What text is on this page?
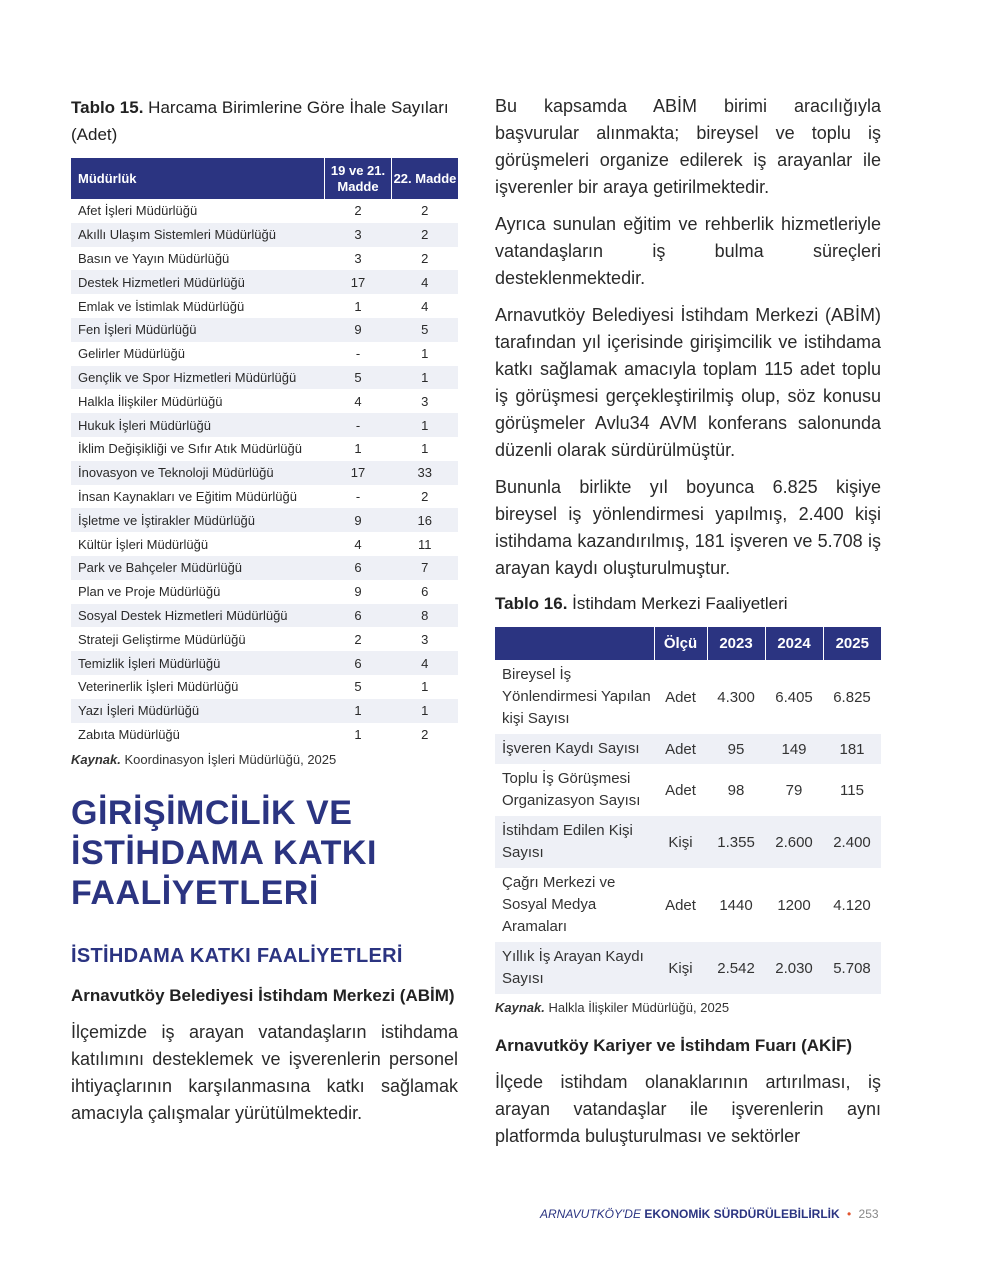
Tablo 15. Harcama Birimlerine Göre İhale Sayıları (Adet)

Müdürlük	19 ve 21. Madde	22. Madde
Afet İşleri Müdürlüğü	2	2
Akıllı Ulaşım Sistemleri Müdürlüğü	3	2
Basın ve Yayın Müdürlüğü	3	2
Destek Hizmetleri Müdürlüğü	17	4
Emlak ve İstimlak Müdürlüğü	1	4
Fen İşleri Müdürlüğü	9	5
Gelirler Müdürlüğü	-	1
Gençlik ve Spor Hizmetleri Müdürlüğü	5	1
Halkla İlişkiler Müdürlüğü	4	3
Hukuk İşleri Müdürlüğü	-	1
İklim Değişikliği ve Sıfır Atık Müdürlüğü	1	1
İnovasyon ve Teknoloji Müdürlüğü	17	33
İnsan Kaynakları ve Eğitim Müdürlüğü	-	2
İşletme ve İştirakler Müdürlüğü	9	16
Kültür İşleri Müdürlüğü	4	11
Park ve Bahçeler Müdürlüğü	6	7
Plan ve Proje Müdürlüğü	9	6
Sosyal Destek Hizmetleri Müdürlüğü	6	8
Strateji Geliştirme Müdürlüğü	2	3
Temizlik İşleri Müdürlüğü	6	4
Veterinerlik İşleri Müdürlüğü	5	1
Yazı İşleri Müdürlüğü	1	1
Zabıta Müdürlüğü	1	2
Kaynak. Koordinasyon İşleri Müdürlüğü, 2025
GİRİŞİMCİLİK VE
İSTİHDAMA KATKI
FAALİYETLERİ
İSTİHDAMA KATKI FAALİYETLERİ
Arnavutköy Belediyesi İstihdam Merkezi (ABİM)

İlçemizde iş arayan vatandaşların istihdama katılımını desteklemek ve işverenlerin personel ihtiyaçlarının karşılanmasına katkı sağlamak amacıyla çalışmalar yürütülmektedir.

Bu kapsamda ABİM birimi aracılığıyla başvurular alınmakta; bireysel ve toplu iş görüşmeleri organize edilerek iş arayanlar ile işverenler bir araya getirilmektedir.

Ayrıca sunulan eğitim ve rehberlik hizmetleriyle vatandaşların iş bulma süreçleri desteklenmektedir.

Arnavutköy Belediyesi İstihdam Merkezi (ABİM) tarafından yıl içerisinde girişimcilik ve istihdama katkı sağlamak amacıyla toplam 115 adet toplu iş görüşmesi gerçekleştirilmiş olup, söz konusu görüşmeler Avlu34 AVM konferans salonunda düzenli olarak sürdürülmüştür.

Bununla birlikte yıl boyunca 6.825 kişiye bireysel iş yönlendirmesi yapılmış, 2.400 kişi istihdama kazandırılmış, 181 işveren ve 5.708 iş arayan kaydı oluşturulmuştur.

Tablo 16. İstihdam Merkezi Faaliyetleri

	Ölçü	2023	2024	2025
Bireysel İş Yönlendirmesi Yapılan kişi Sayısı	Adet	4.300	6.405	6.825
İşveren Kaydı Sayısı	Adet	95	149	181
Toplu İş Görüşmesi Organizasyon Sayısı	Adet	98	79	115
İstihdam Edilen Kişi Sayısı	Kişi	1.355	2.600	2.400
Çağrı Merkezi ve Sosyal Medya Aramaları	Adet	1440	1200	4.120
Yıllık İş Arayan Kaydı Sayısı	Kişi	2.542	2.030	5.708
Kaynak. Halkla İlişkiler Müdürlüğü, 2025
Arnavutköy Kariyer ve İstihdam Fuarı (AKİF)

İlçede istihdam olanaklarının artırılması, iş arayan vatandaşlar ile işverenlerin aynı platformda buluşturulması ve sektörler

ARNAVUTKÖY'DE EKONOMİK SÜRDÜRÜLEBİLİRLİK • 253
